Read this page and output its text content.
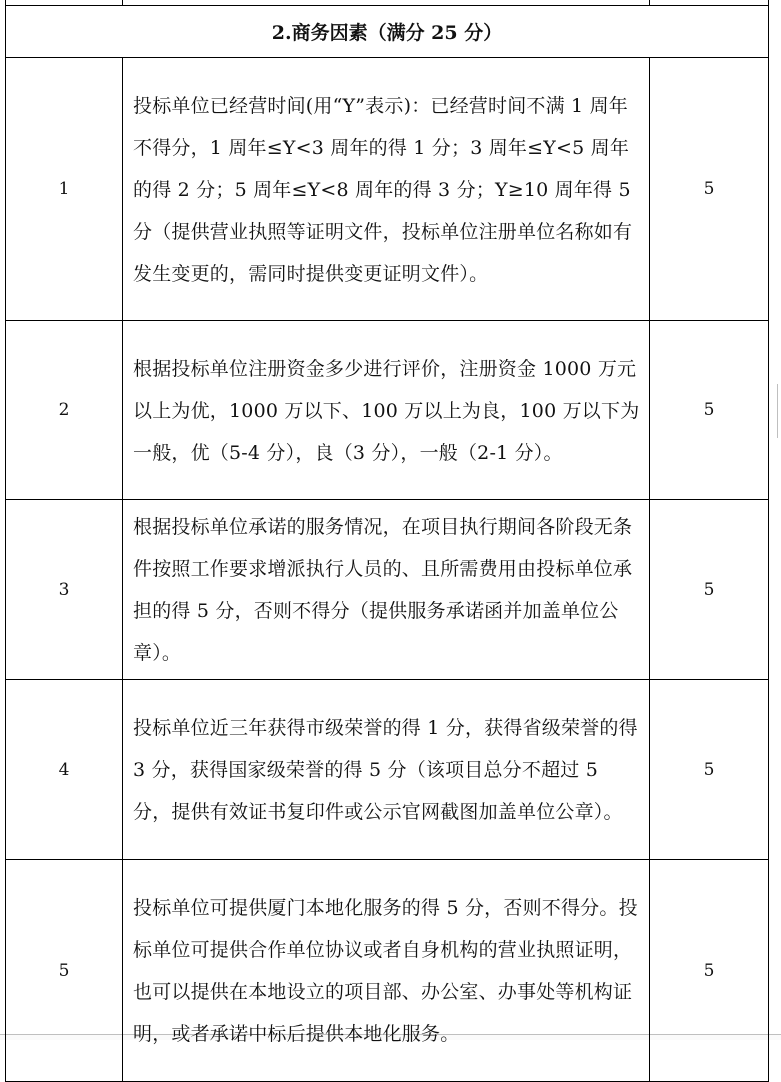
2.商务因素（满分 25 分）		
1	投标单位已经营时间(用“Y”表示)：已经营时间不满 1 周年不得分，1 周年≤Y<3 周年的得 1 分；3 周年≤Y<5 周年的得 2 分；5 周年≤Y<8 周年的得 3 分；Y≥10 周年得 5 分（提供营业执照等证明文件，投标单位注册单位名称如有发生变更的，需同时提供变更证明文件）。	5
2	根据投标单位注册资金多少进行评价，注册资金 1000 万元以上为优，1000 万以下、100 万以上为良，100 万以下为一般，优（5-4 分），良（3 分），一般（2-1 分）。	5
3	根据投标单位承诺的服务情况，在项目执行期间各阶段无条件按照工作要求增派执行人员的、且所需费用由投标单位承担的得 5 分，否则不得分（提供服务承诺函并加盖单位公章）。	5
4	投标单位近三年获得市级荣誉的得 1 分，获得省级荣誉的得 3 分，获得国家级荣誉的得 5 分（该项目总分不超过 5 分，提供有效证书复印件或公示官网截图加盖单位公章）。	5
5	投标单位可提供厦门本地化服务的得 5 分，否则不得分。投标单位可提供合作单位协议或者自身机构的营业执照证明，也可以提供在本地设立的项目部、办公室、办事处等机构证明，或者承诺中标后提供本地化服务。	5
